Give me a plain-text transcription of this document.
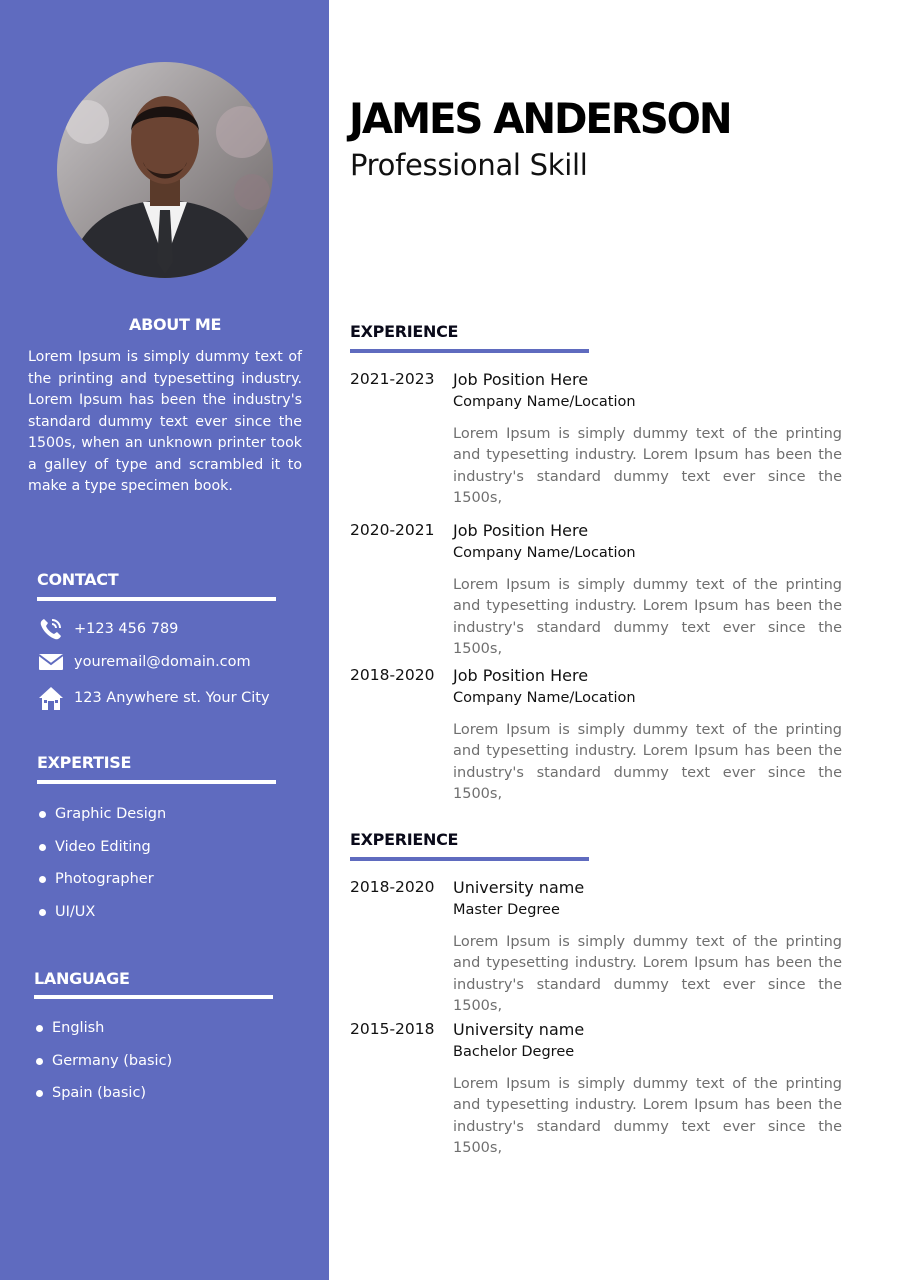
ABOUT ME

Lorem Ipsum is simply dummy text of the printing and typesetting industry. Lorem Ipsum has been the industry's standard dummy text ever since the 1500s, when an unknown printer took a galley of type and scrambled it to make a type specimen book.

CONTACT
+123 456 789
youremail@domain.com
123 Anywhere st. Your City
EXPERTISE
Graphic Design
Video Editing
Photographer
UI/UX
LANGUAGE
English
Germany (basic)
Spain (basic)
JAMES ANDERSON
Professional Skill
EXPERIENCE
2021-2023 Job Position Here
Company Name/Location

Lorem Ipsum is simply dummy text of the printing and typesetting industry. Lorem Ipsum has been the industry's standard dummy text ever since the 1500s,

2020-2021 Job Position Here
Company Name/Location

Lorem Ipsum is simply dummy text of the printing and typesetting industry. Lorem Ipsum has been the industry's standard dummy text ever since the 1500s,

2018-2020 Job Position Here
Company Name/Location

Lorem Ipsum is simply dummy text of the printing and typesetting industry. Lorem Ipsum has been the industry's standard dummy text ever since the 1500s,

EXPERIENCE
2018-2020 University name
Master Degree

Lorem Ipsum is simply dummy text of the printing and typesetting industry. Lorem Ipsum has been the industry's standard dummy text ever since the 1500s,

2015-2018 University name
Bachelor Degree

Lorem Ipsum is simply dummy text of the printing and typesetting industry. Lorem Ipsum has been the industry's standard dummy text ever since the 1500s,
